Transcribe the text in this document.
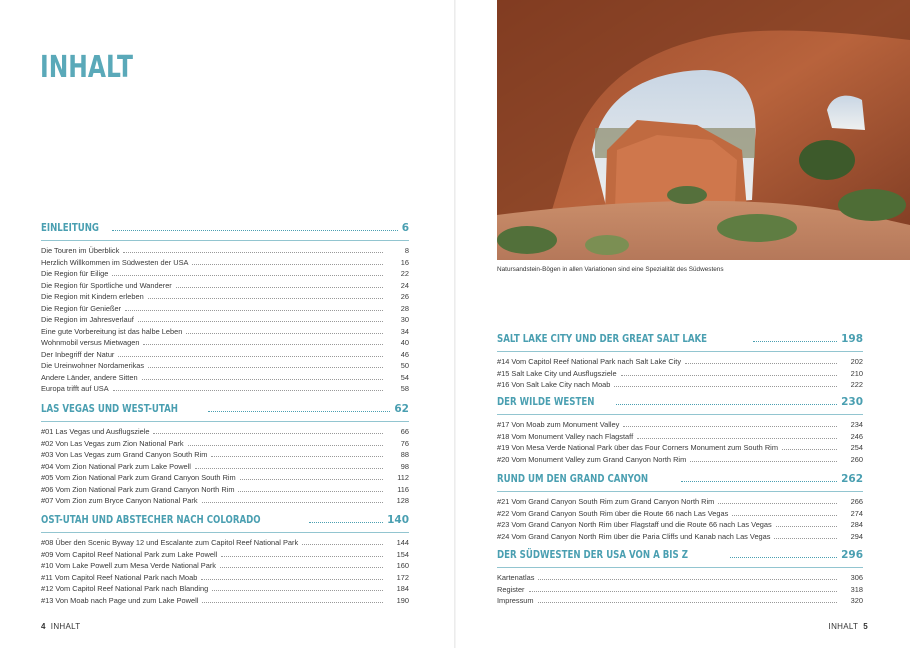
INHALT
EINLEITUNG	6
Die Touren im Überblick	8
Herzlich Willkommen im Südwesten der USA	16
Die Region für Eilige	22
Die Region für Sportliche und Wanderer	24
Die Region mit Kindern erleben	26
Die Region für Genießer	28
Die Region im Jahresverlauf	30
Eine gute Vorbereitung ist das halbe Leben	34
Wohnmobil versus Mietwagen	40
Der Inbegriff der Natur	46
Die Ureinwohner Nordamerikas	50
Andere Länder, andere Sitten	54
Europa trifft auf USA	58
LAS VEGAS UND WEST-UTAH	62
#01 Las Vegas und Ausflugsziele	66
#02 Von Las Vegas zum Zion National Park	76
#03 Von Las Vegas zum Grand Canyon South Rim	88
#04 Vom Zion National Park zum Lake Powell	98
#05 Vom Zion National Park zum Grand Canyon South Rim	112
#06 Vom Zion National Park zum Grand Canyon North Rim	116
#07 Vom Zion zum Bryce Canyon National Park	128
OST-UTAH UND ABSTECHER NACH COLORADO	140
#08 Über den Scenic Byway 12 und Escalante zum Capitol Reef National Park	144
#09 Vom Capitol Reef National Park zum Lake Powell	154
#10 Vom Lake Powell zum Mesa Verde National Park	160
#11 Vom Capitol Reef National Park nach Moab	172
#12 Vom Capitol Reef National Park nach Blanding	184
#13 Von Moab nach Page und zum Lake Powell	190
4 INHALT
Natursandstein-Bögen in allen Variationen sind eine Spezialität des Südwestens
SALT LAKE CITY UND DER GREAT SALT LAKE	198
#14 Vom Capitol Reef National Park nach Salt Lake City	202
#15 Salt Lake City und Ausflugsziele	210
#16 Von Salt Lake City nach Moab	222
DER WILDE WESTEN	230
#17 Von Moab zum Monument Valley	234
#18 Vom Monument Valley nach Flagstaff	246
#19 Von Mesa Verde National Park über das Four Corners Monument zum South Rim	254
#20 Vom Monument Valley zum Grand Canyon North Rim	260
RUND UM DEN GRAND CANYON	262
#21 Vom Grand Canyon South Rim zum Grand Canyon North Rim	266
#22 Vom Grand Canyon South Rim über die Route 66 nach Las Vegas	274
#23 Vom Grand Canyon North Rim über Flagstaff und die Route 66 nach Las Vegas	284
#24 Vom Grand Canyon North Rim über die Paria Cliffs und Kanab nach Las Vegas	294
DER SÜDWESTEN DER USA VON A BIS Z	296
Kartenatlas	306
Register	318
Impressum	320
INHALT 5
